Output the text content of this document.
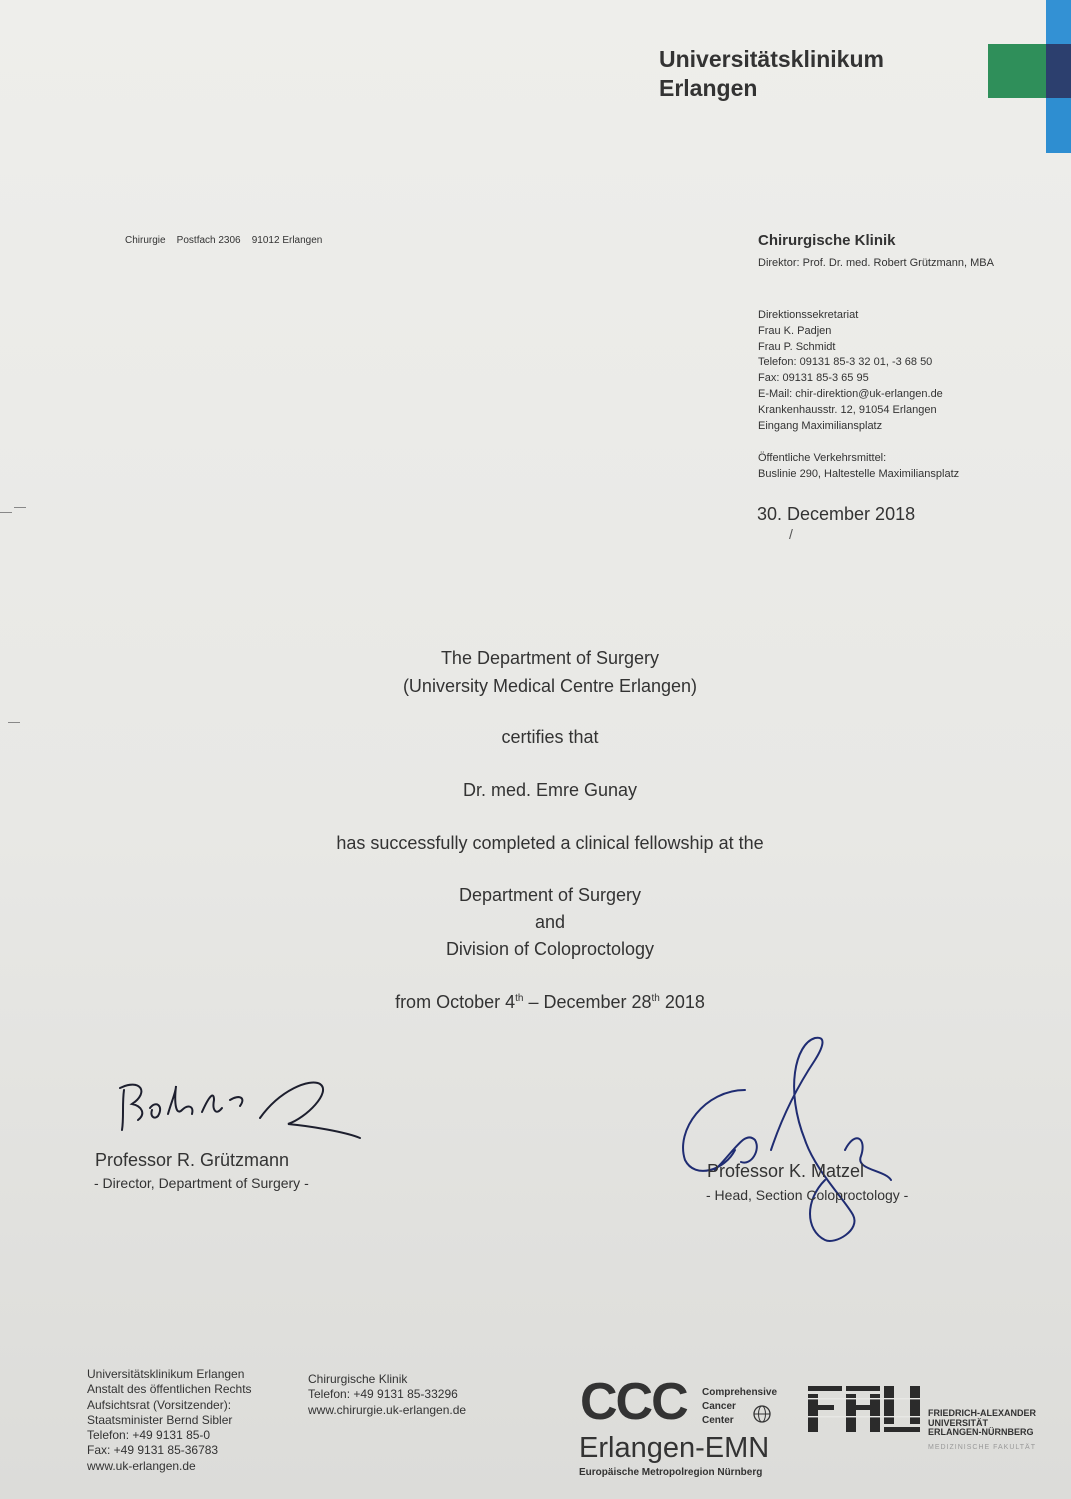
Universitätsklinikum
Erlangen
Chirurgie    Postfach 2306    91012 Erlangen	Chirurgische Klinik
Direktor: Prof. Dr. med. Robert Grützmann, MBA
Direktionssekretariat
Frau K. Padjen
Frau P. Schmidt
Telefon: 09131 85-3 32 01, -3 68 50
Fax: 09131 85-3 65 95
E-Mail: chir-direktion@uk-erlangen.de
Krankenhausstr. 12, 91054 Erlangen
Eingang Maximiliansplatz
Öffentliche Verkehrsmittel:
Buslinie 290, Haltestelle Maximiliansplatz
30. December 2018
/
The Department of Surgery
(University Medical Centre Erlangen)
certifies that
Dr. med. Emre Gunay
has successfully completed a clinical fellowship at the
Department of Surgery
and
Division of Coloproctology
from October 4th – December 28th 2018
Professor R. Grützmann
- Director, Department of Surgery -
Professor K. Matzel
- Head, Section Coloproctology -
Universitätsklinikum Erlangen
Anstalt des öffentlichen Rechts
Aufsichtsrat (Vorsitzender):
Staatsminister Bernd Sibler
Telefon: +49 9131 85-0
Fax: +49 9131 85-36783
www.uk-erlangen.de
Chirurgische Klinik
Telefon: +49 9131 85-33296
www.chirurgie.uk-erlangen.de CCC Comprehensive
Cancer
Center
Erlangen-EMN
Europäische Metropolregion Nürnberg
FRIEDRICH-ALEXANDER
UNIVERSITÄT
ERLANGEN-NÜRNBERG
MEDIZINISCHE FAKULTÄT
